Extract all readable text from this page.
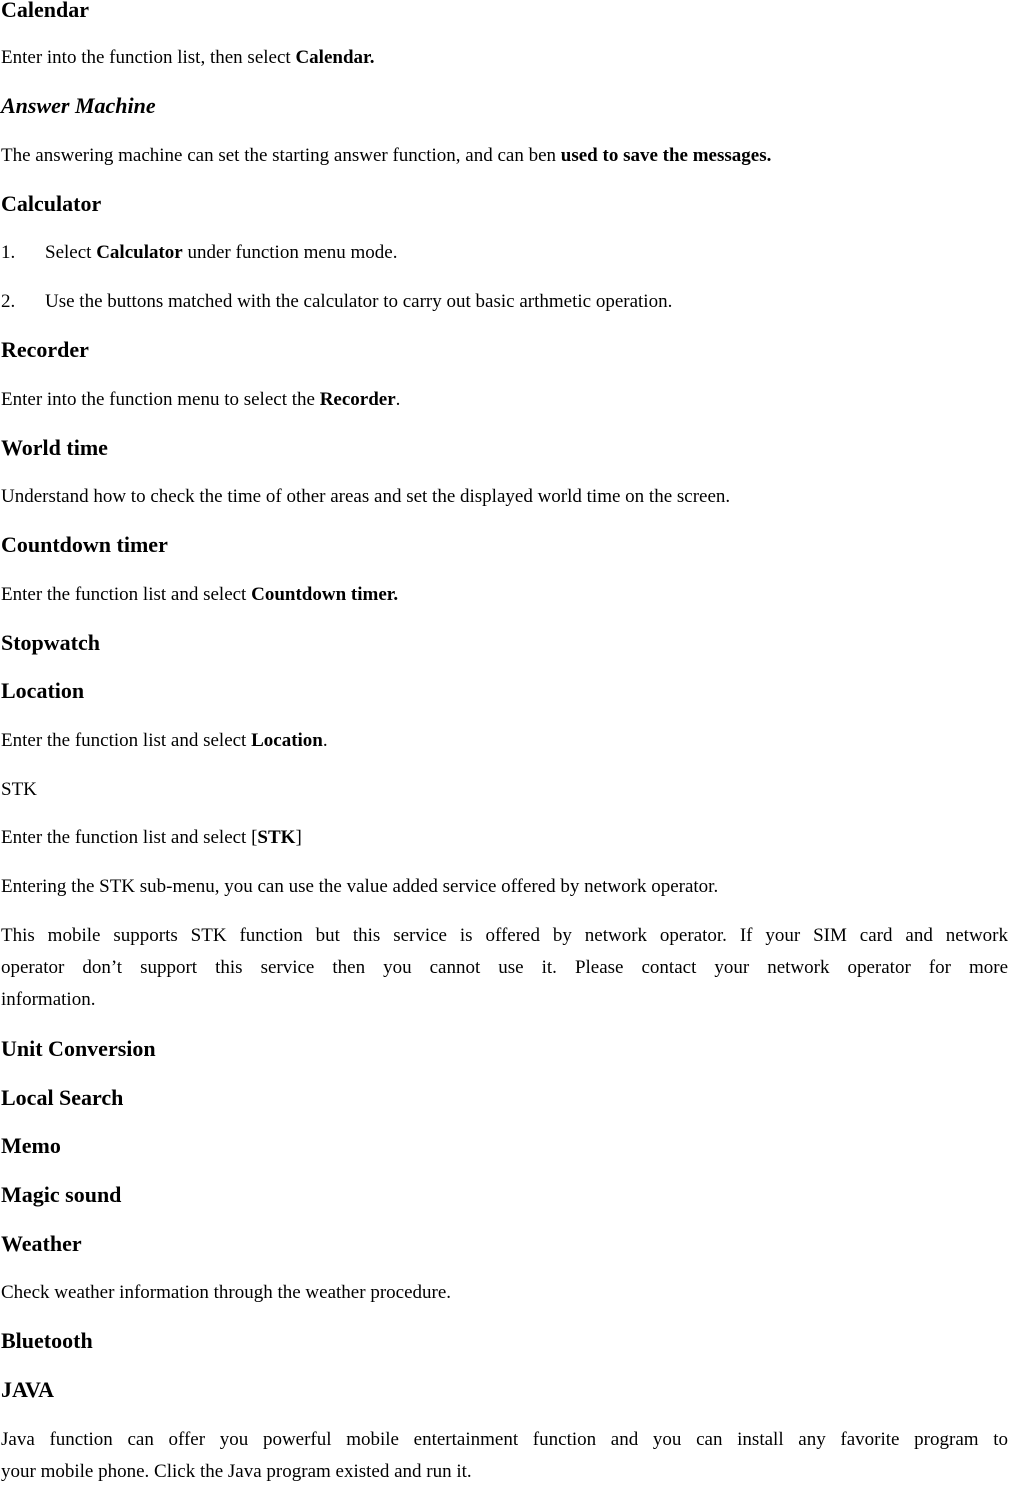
Calendar
Enter into the function list, then select Calendar.
Answer Machine
The answering machine can set the starting answer function, and can ben used to save the messages.
Calculator
1. Select Calculator under function menu mode.
2. Use the buttons matched with the calculator to carry out basic arthmetic operation.
Recorder
Enter into the function menu to select the Recorder.
World time
Understand how to check the time of other areas and set the displayed world time on the screen.
Countdown timer
Enter the function list and select Countdown timer.
Stopwatch
Location
Enter the function list and select Location.
STK
Enter the function list and select [STK]
Entering the STK sub-menu, you can use the value added service offered by network operator.
This mobile supports STK function but this service is offered by network operator. If your SIM card and network
operator don’t support this service then you cannot use it. Please contact your network operator for more
information.
Unit Conversion
Local Search
Memo
Magic sound
Weather
Check weather information through the weather procedure.
Bluetooth
JAVA
Java function can offer you powerful mobile entertainment function and you can install any favorite program to
your mobile phone. Click the Java program existed and run it.
